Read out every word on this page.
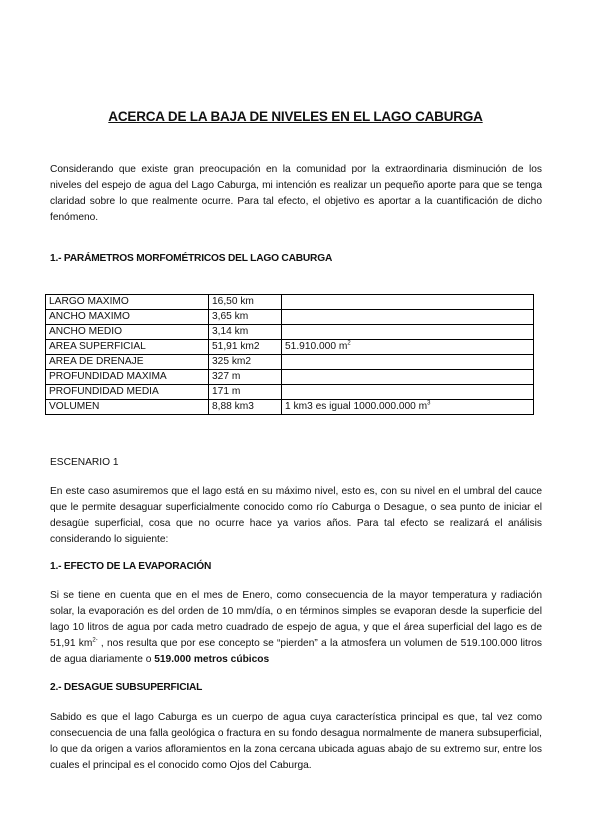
ACERCA DE LA BAJA DE NIVELES EN EL LAGO CABURGA

Considerando que existe gran preocupación en la comunidad por la extraordinaria disminución de los niveles del espejo de agua del Lago Caburga, mi intención es realizar un pequeño aporte para que se tenga claridad sobre lo que realmente ocurre. Para tal efecto, el objetivo es aportar a la cuantificación de dicho fenómeno.

1.- PARÁMETROS MORFOMÉTRICOS DEL LAGO CABURGA
LARGO MAXIMO	16,50 km	
ANCHO MAXIMO	3,65 km	
ANCHO MEDIO	3,14 km	
AREA SUPERFICIAL	51,91 km2	51.910.000 $m^2$
AREA DE DRENAJE	325 km2	
PROFUNDIDAD MAXIMA	327 m	
PROFUNDIDAD MEDIA	171 m	
VOLUMEN	8,88 km3	1 km3 es igual 1000.000.000 $m^3$
ESCENARIO 1

En este caso asumiremos que el lago está en su máximo nivel, esto es, con su nivel en el umbral del cauce que le permite desaguar superficialmente conocido como río Caburga o Desague, o sea punto de iniciar el desagüe superficial, cosa que no ocurre hace ya varios años. Para tal efecto se realizará el análisis considerando lo siguiente:

1.- EFECTO DE LA EVAPORACIÓN

Si se tiene en cuenta que en el mes de Enero, como consecuencia de la mayor temperatura y radiación solar, la evaporación es del orden de 10 mm/día, o en términos simples se evaporan desde la superficie del lago 10 litros de agua por cada metro cuadrado de espejo de agua, y que el área superficial del lago es de 51,91 $km^{2-}$ , nos resulta que por ese concepto se “pierden” a la atmosfera un volumen de 519.100.000 litros de agua diariamente o 519.000 metros cúbicos

2.- DESAGUE SUBSUPERFICIAL

Sabido es que el lago Caburga es un cuerpo de agua cuya característica principal es que, tal vez como consecuencia de una falla geológica o fractura en su fondo desagua normalmente de manera subsuperficial, lo que da origen a varios afloramientos en la zona cercana ubicada aguas abajo de su extremo sur, entre los cuales el principal es el conocido como Ojos del Caburga.
